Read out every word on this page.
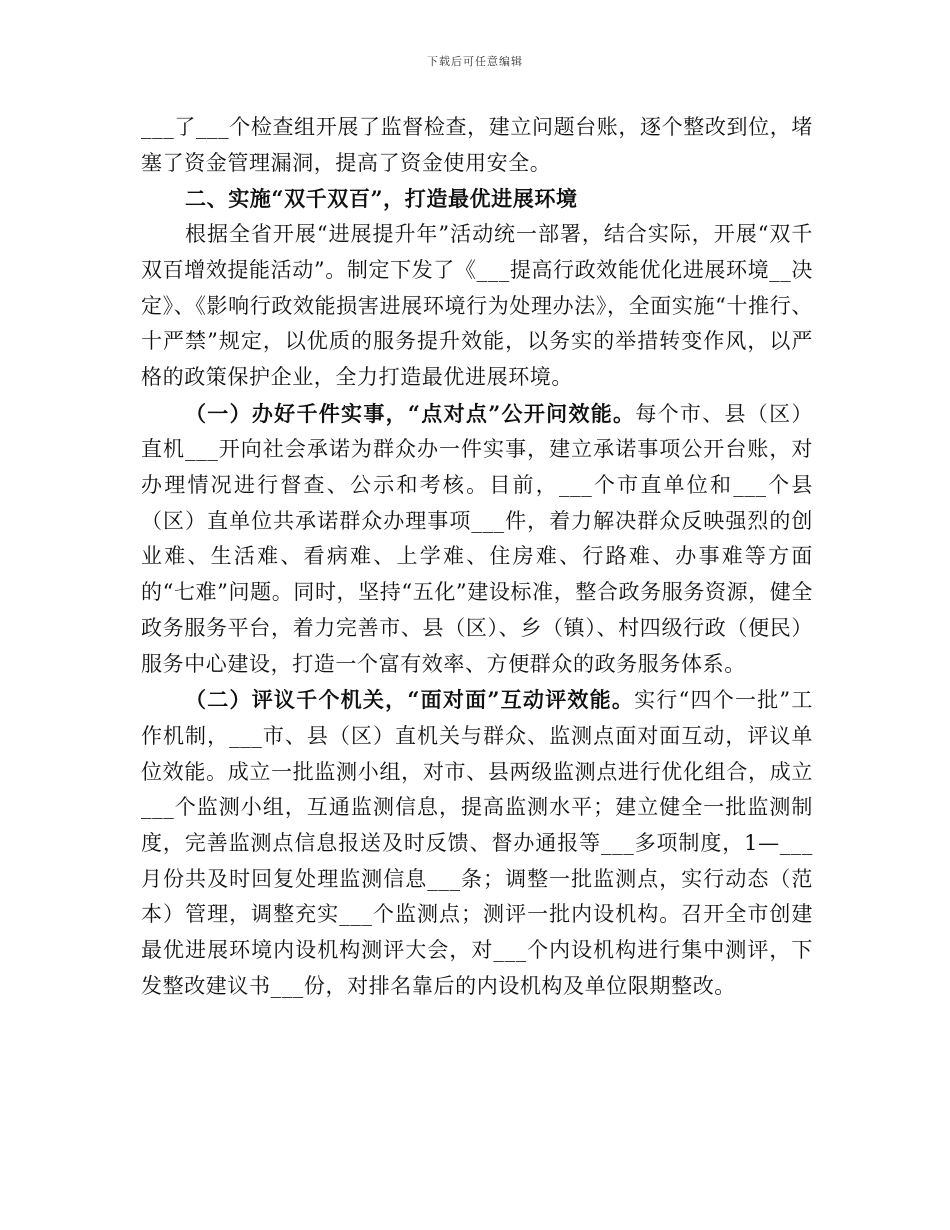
下载后可任意编辑

___了___个检查组开展了监督检查，建立问题台账，逐个整改到位，堵塞了资金管理漏洞，提高了资金使用安全。

二、实施“双千双百”，打造最优进展环境

根据全省开展“进展提升年”活动统一部署，结合实际，开展“双千双百增效提能活动”。制定下发了《___提高行政效能优化进展环境__决定》、《影响行政效能损害进展环境行为处理办法》，全面实施“十推行、十严禁”规定，以优质的服务提升效能，以务实的举措转变作风，以严格的政策保护企业，全力打造最优进展环境。

（一）办好千件实事，“点对点”公开问效能。每个市、县（区）直机___开向社会承诺为群众办一件实事，建立承诺事项公开台账，对办理情况进行督查、公示和考核。目前，___个市直单位和___个县（区）直单位共承诺群众办理事项___件，着力解决群众反映强烈的创业难、生活难、看病难、上学难、住房难、行路难、办事难等方面的“七难”问题。同时，坚持“五化”建设标准，整合政务服务资源，健全政务服务平台，着力完善市、县（区）、乡（镇）、村四级行政（便民）服务中心建设，打造一个富有效率、方便群众的政务服务体系。

（二）评议千个机关，“面对面”互动评效能。实行“四个一批”工作机制，___市、县（区）直机关与群众、监测点面对面互动，评议单位效能。成立一批监测小组，对市、县两级监测点进行优化组合，成立___个监测小组，互通监测信息，提高监测水平；建立健全一批监测制度，完善监测点信息报送及时反馈、督办通报等___多项制度，1—___月份共及时回复处理监测信息___条；调整一批监测点，实行动态（范本）管理，调整充实___个监测点；测评一批内设机构。召开全市创建最优进展环境内设机构测评大会，对___个内设机构进行集中测评，下发整改建议书___份，对排名靠后的内设机构及单位限期整改。
